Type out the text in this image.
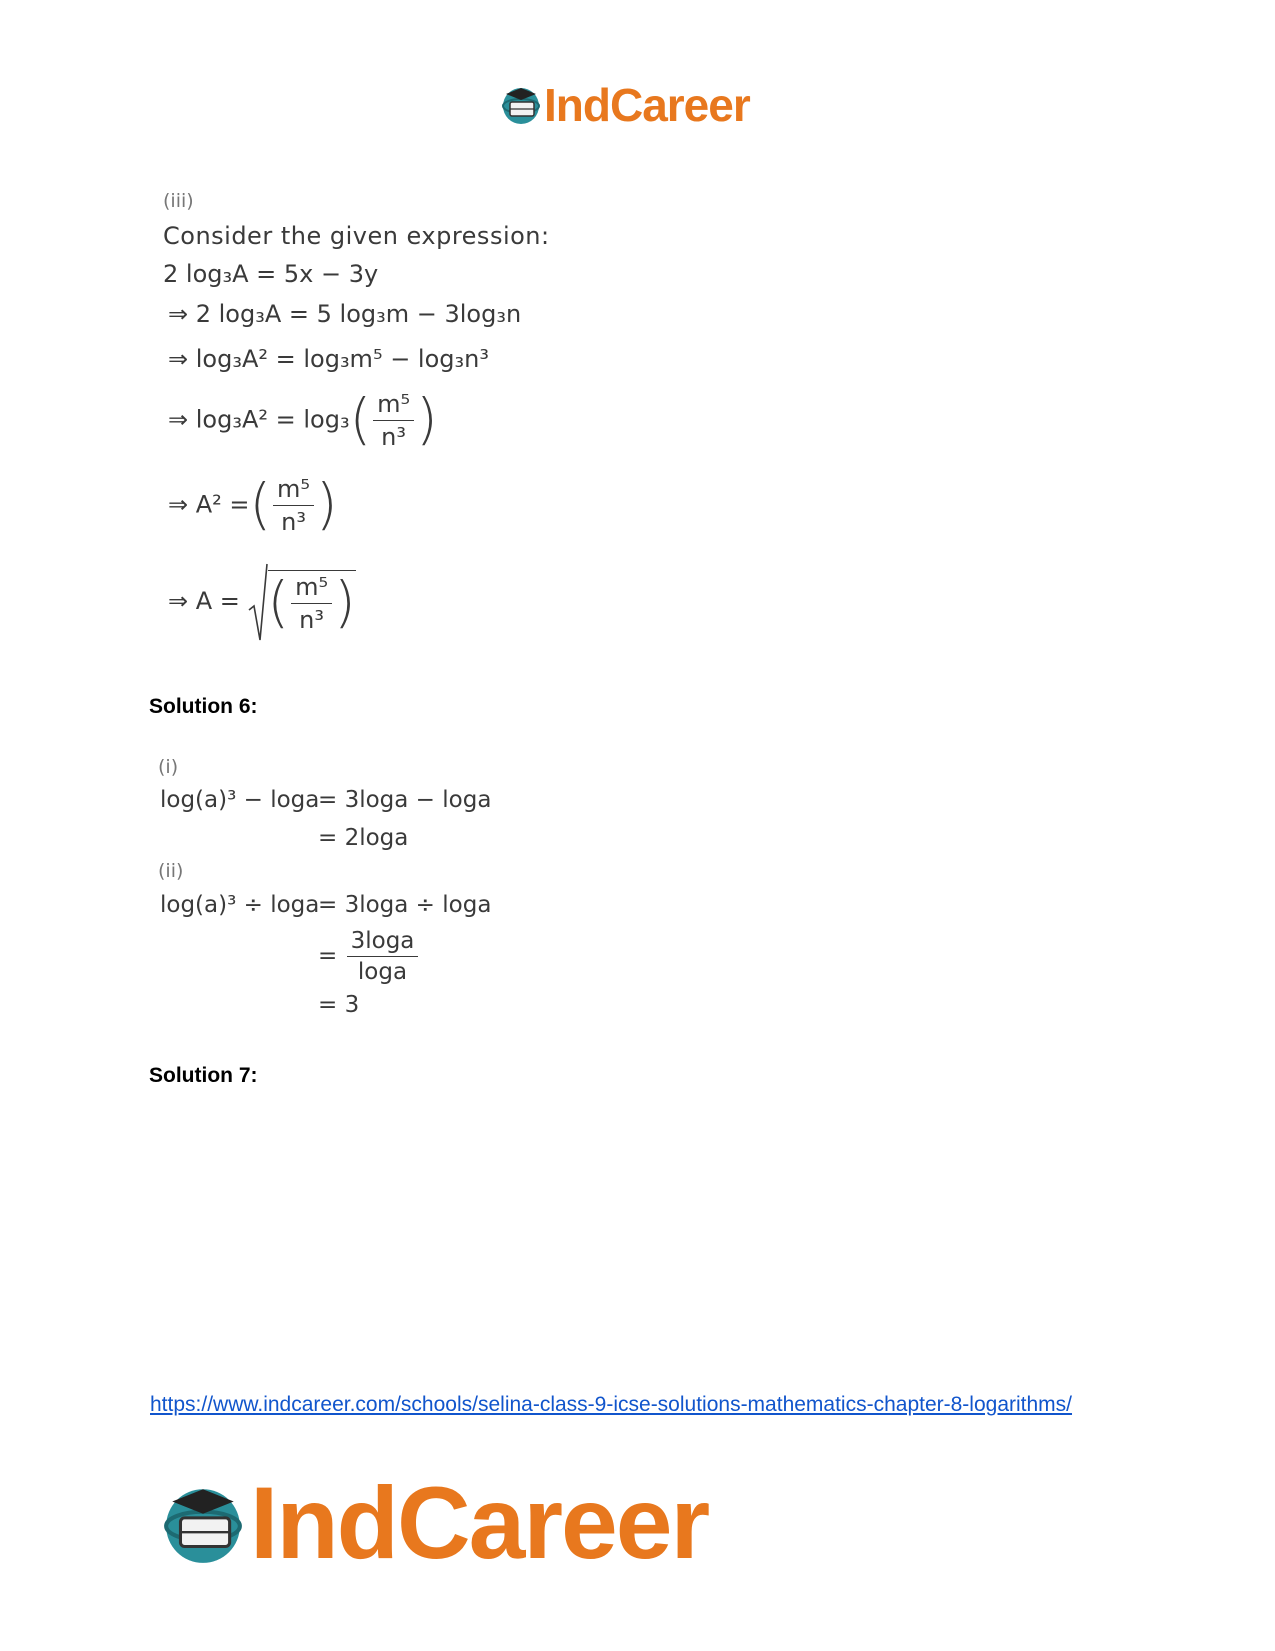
IndCareer
(iii)
Consider the given expression:
2 log₃A = 5x − 3y
⇒ 2 log₃A = 5 log₃m − 3log₃n
⇒ log₃A² = log₃m⁵ − log₃n³
⇒ $\log_3A^2 = \log_3( \frac{\text{m⁵}}{\text{n³}}$ )
⇒ A² =( $\frac{\text{m⁵}}{\text{n³}}$ )
⇒ A = ( $\frac{\text{m⁵}}{\text{n³}}$ )
Solution 6:
(i)
log(a)³ − loga
= 3loga − loga
= 2loga
(ii)
log(a)³ ÷ loga
= 3loga ÷ loga
= $\frac{3\log a}{\log a}$
= 3
Solution 7:
https://www.indcareer.com/schools/selina-class-9-icse-solutions-mathematics-chapter-8-logarithms/
IndCareer
